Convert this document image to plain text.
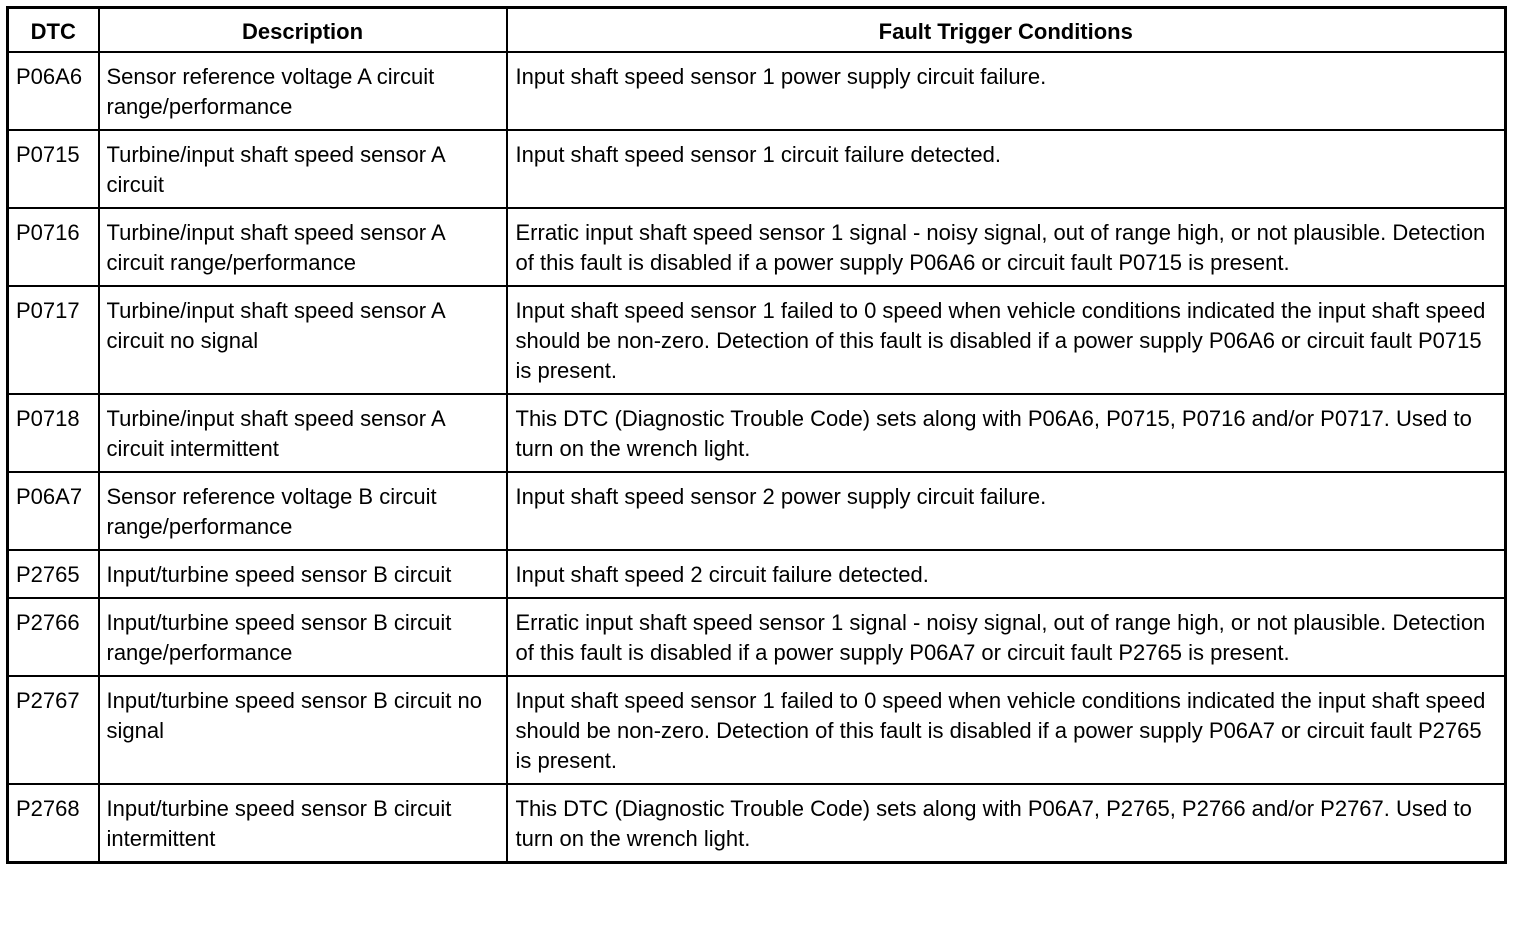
DTC	Description	Fault Trigger Conditions
P06A6	Sensor reference voltage A circuit range/performance	Input shaft speed sensor 1 power supply circuit failure.
P0715	Turbine/input shaft speed sensor A circuit	Input shaft speed sensor 1 circuit failure detected.
P0716	Turbine/input shaft speed sensor A circuit range/performance	Erratic input shaft speed sensor 1 signal - noisy signal, out of range high, or not plausible. Detection of this fault is disabled if a power supply P06A6 or circuit fault P0715 is present.
P0717	Turbine/input shaft speed sensor A circuit no signal	Input shaft speed sensor 1 failed to 0 speed when vehicle conditions indicated the input shaft speed should be non-zero. Detection of this fault is disabled if a power supply P06A6 or circuit fault P0715 is present.
P0718	Turbine/input shaft speed sensor A circuit intermittent	This DTC (Diagnostic Trouble Code) sets along with P06A6, P0715, P0716 and/or P0717. Used to turn on the wrench light.
P06A7	Sensor reference voltage B circuit range/performance	Input shaft speed sensor 2 power supply circuit failure.
P2765	Input/turbine speed sensor B circuit	Input shaft speed 2 circuit failure detected.
P2766	Input/turbine speed sensor B circuit range/performance	Erratic input shaft speed sensor 1 signal - noisy signal, out of range high, or not plausible. Detection of this fault is disabled if a power supply P06A7 or circuit fault P2765 is present.
P2767	Input/turbine speed sensor B circuit no signal	Input shaft speed sensor 1 failed to 0 speed when vehicle conditions indicated the input shaft speed should be non-zero. Detection of this fault is disabled if a power supply P06A7 or circuit fault P2765 is present.
P2768	Input/turbine speed sensor B circuit intermittent	This DTC (Diagnostic Trouble Code) sets along with P06A7, P2765, P2766 and/or P2767. Used to turn on the wrench light.
